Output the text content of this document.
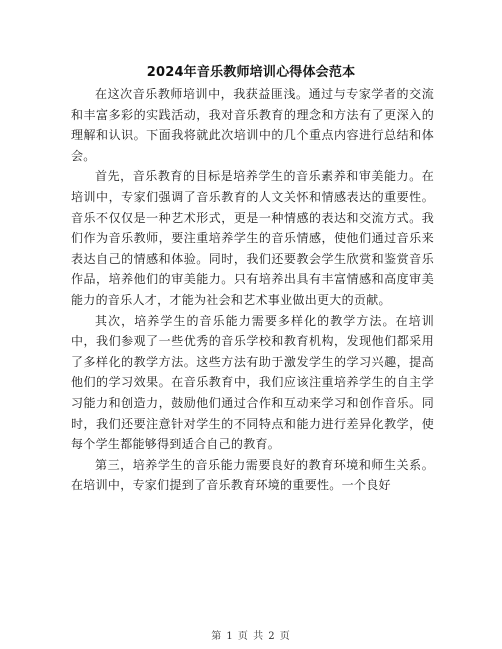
2024年音乐教师培训心得体会范本

在这次音乐教师培训中，我获益匪浅。通过与专家学者的交流和丰富多彩的实践活动，我对音乐教育的理念和方法有了更深入的理解和认识。下面我将就此次培训中的几个重点内容进行总结和体会。

首先，音乐教育的目标是培养学生的音乐素养和审美能力。在培训中，专家们强调了音乐教育的人文关怀和情感表达的重要性。音乐不仅仅是一种艺术形式，更是一种情感的表达和交流方式。我们作为音乐教师，要注重培养学生的音乐情感，使他们通过音乐来表达自己的情感和体验。同时，我们还要教会学生欣赏和鉴赏音乐作品，培养他们的审美能力。只有培养出具有丰富情感和高度审美能力的音乐人才，才能为社会和艺术事业做出更大的贡献。

其次，培养学生的音乐能力需要多样化的教学方法。在培训中，我们参观了一些优秀的音乐学校和教育机构，发现他们都采用了多样化的教学方法。这些方法有助于激发学生的学习兴趣，提高他们的学习效果。在音乐教育中，我们应该注重培养学生的自主学习能力和创造力，鼓励他们通过合作和互动来学习和创作音乐。同时，我们还要注意针对学生的不同特点和能力进行差异化教学，使每个学生都能够得到适合自己的教育。

第三，培养学生的音乐能力需要良好的教育环境和师生关系。在培训中，专家们提到了音乐教育环境的重要性。一个良好

第 1 页 共 2 页
